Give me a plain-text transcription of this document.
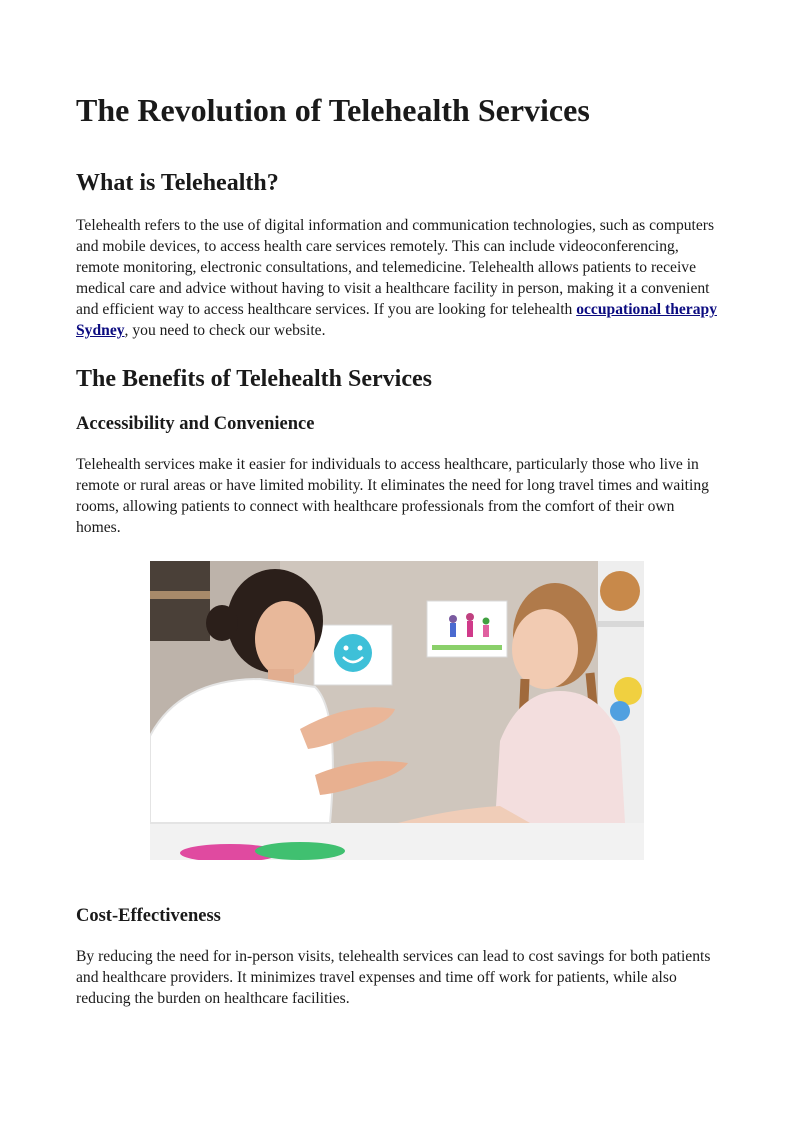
The Revolution of Telehealth Services
What is Telehealth?

Telehealth refers to the use of digital information and communication technologies, such as computers and mobile devices, to access health care services remotely. This can include videoconferencing, remote monitoring, electronic consultations, and telemedicine. Telehealth allows patients to receive medical care and advice without having to visit a healthcare facility in person, making it a convenient and efficient way to access healthcare services. If you are looking for telehealth occupational therapy Sydney, you need to check our website.

The Benefits of Telehealth Services
Accessibility and Convenience

Telehealth services make it easier for individuals to access healthcare, particularly those who live in remote or rural areas or have limited mobility. It eliminates the need for long travel times and waiting rooms, allowing patients to connect with healthcare professionals from the comfort of their own homes.

Cost-Effectiveness

By reducing the need for in-person visits, telehealth services can lead to cost savings for both patients and healthcare providers. It minimizes travel expenses and time off work for patients, while also reducing the burden on healthcare facilities.
